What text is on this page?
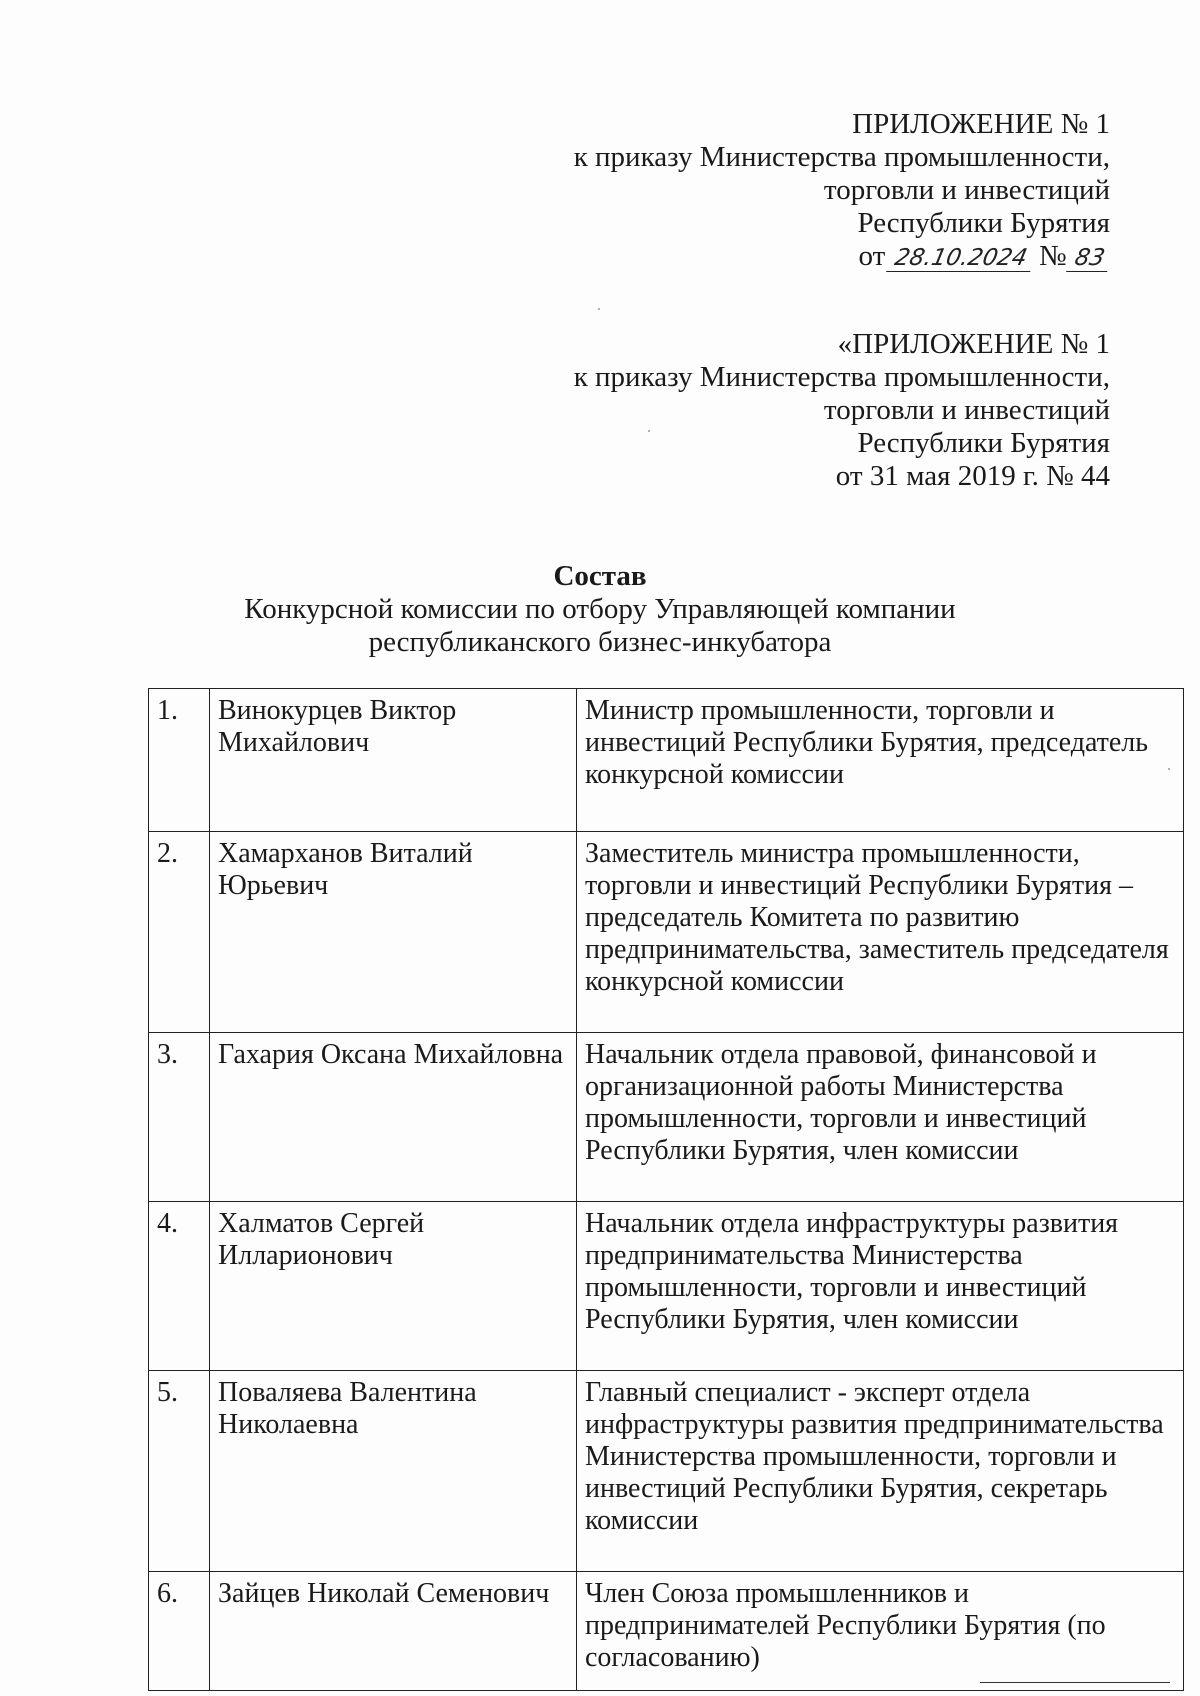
ПРИЛОЖЕНИЕ № 1
к приказу Министерства промышленности,
торговли и инвестиций
Республики Бурятия
от 28.10.2024 № 83
«ПРИЛОЖЕНИЕ № 1
к приказу Министерства промышленности,
торговли и инвестиций
Республики Бурятия
от 31 мая 2019 г. № 44
Состав
Конкурсной комиссии по отбору Управляющей компании
республиканского бизнес-инкубатора
1.	Винокурцев Виктор Михайлович	Министр промышленности, торговли и инвестиций Республики Бурятия, председатель конкурсной комиссии
2.	Хамарханов Виталий Юрьевич	Заместитель министра промышленности, торговли и инвестиций Республики Бурятия – председатель Комитета по развитию предпринимательства, заместитель председателя конкурсной комиссии
3.	Гахария Оксана Михайловна	Начальник отдела правовой, финансовой и организационной работы Министерства промышленности, торговли и инвестиций Республики Бурятия, член комиссии
4.	Халматов Сергей Илларионович	Начальник отдела инфраструктуры развития предпринимательства Министерства промышленности, торговли и инвестиций Республики Бурятия, член комиссии
5.	Поваляева Валентина Николаевна	Главный специалист - эксперт отдела инфраструктуры развития предпринимательства Министерства промышленности, торговли и инвестиций Республики Бурятия, секретарь комиссии
6.	Зайцев Николай Семенович	Член Союза промышленников и предпринимателей Республики Бурятия (по согласованию)
